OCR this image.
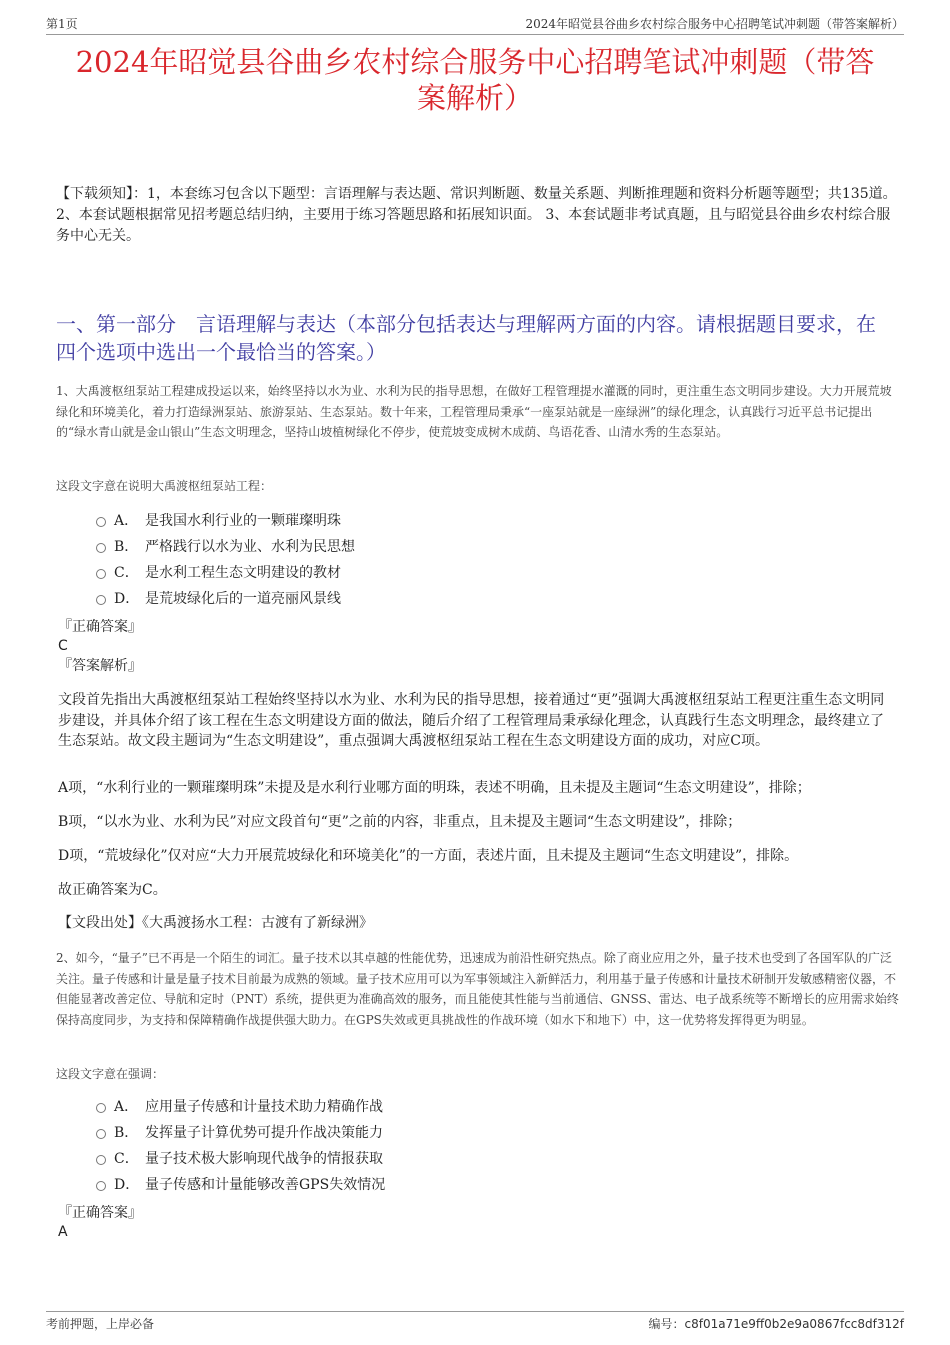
第1页	2024年昭觉县谷曲乡农村综合服务中心招聘笔试冲刺题（带答案解析）
2024年昭觉县谷曲乡农村综合服务中心招聘笔试冲刺题（带答
案解析）
【下载须知】：1，本套练习包含以下题型：言语理解与表达题、常识判断题、数量关系题、判断推理题和资料分析题等题型；共135道。 2、本套试题根据常见招考题总结归纳，主要用于练习答题思路和拓展知识面。 3、本套试题非考试真题，且与昭觉县谷曲乡农村综合服务中心无关。
一、第一部分　言语理解与表达（本部分包括表达与理解两方面的内容。请根据题目要求，在四个选项中选出一个最恰当的答案。）
1、大禹渡枢纽泵站工程建成投运以来，始终坚持以水为业、水利为民的指导思想，在做好工程管理提水灌溉的同时，更注重生态文明同步建设。大力开展荒坡绿化和环境美化，着力打造绿洲泵站、旅游泵站、生态泵站。数十年来，工程管理局秉承“一座泵站就是一座绿洲”的绿化理念，认真践行习近平总书记提出的“绿水青山就是金山银山”生态文明理念，坚持山坡植树绿化不停步，使荒坡变成树木成荫、鸟语花香、山清水秀的生态泵站。
这段文字意在说明大禹渡枢纽泵站工程：
A． 是我国水利行业的一颗璀璨明珠
B． 严格践行以水为业、水利为民思想
C． 是水利工程生态文明建设的教材
D． 是荒坡绿化后的一道亮丽风景线
『正确答案』
C
『答案解析』
文段首先指出大禹渡枢纽泵站工程始终坚持以水为业、水利为民的指导思想，接着通过“更”强调大禹渡枢纽泵站工程更注重生态文明同步建设，并具体介绍了该工程在生态文明建设方面的做法，随后介绍了工程管理局秉承绿化理念，认真践行生态文明理念，最终建立了生态泵站。故文段主题词为“生态文明建设”，重点强调大禹渡枢纽泵站工程在生态文明建设方面的成功，对应C项。
A项，“水利行业的一颗璀璨明珠”未提及是水利行业哪方面的明珠，表述不明确，且未提及主题词“生态文明建设”，排除；
B项，“以水为业、水利为民”对应文段首句“更”之前的内容，非重点，且未提及主题词“生态文明建设”，排除；
D项，“荒坡绿化”仅对应“大力开展荒坡绿化和环境美化”的一方面，表述片面，且未提及主题词“生态文明建设”，排除。
故正确答案为C。
【文段出处】《大禹渡扬水工程：古渡有了新绿洲》
2、如今，“量子”已不再是一个陌生的词汇。量子技术以其卓越的性能优势，迅速成为前沿性研究热点。除了商业应用之外，量子技术也受到了各国军队的广泛关注。量子传感和计量是量子技术目前最为成熟的领域。量子技术应用可以为军事领域注入新鲜活力，利用基于量子传感和计量技术研制开发敏感精密仪器，不但能显著改善定位、导航和定时（PNT）系统，提供更为准确高效的服务，而且能使其性能与当前通信、GNSS、雷达、电子战系统等不断增长的应用需求始终保持高度同步，为支持和保障精确作战提供强大助力。在GPS失效或更具挑战性的作战环境（如水下和地下）中，这一优势将发挥得更为明显。
这段文字意在强调：
A． 应用量子传感和计量技术助力精确作战
B． 发挥量子计算优势可提升作战决策能力
C． 量子技术极大影响现代战争的情报获取
D． 量子传感和计量能够改善GPS失效情况
『正确答案』
A
考前押题，上岸必备	编号：c8f01a71e9ff0b2e9a0867fcc8df312f
